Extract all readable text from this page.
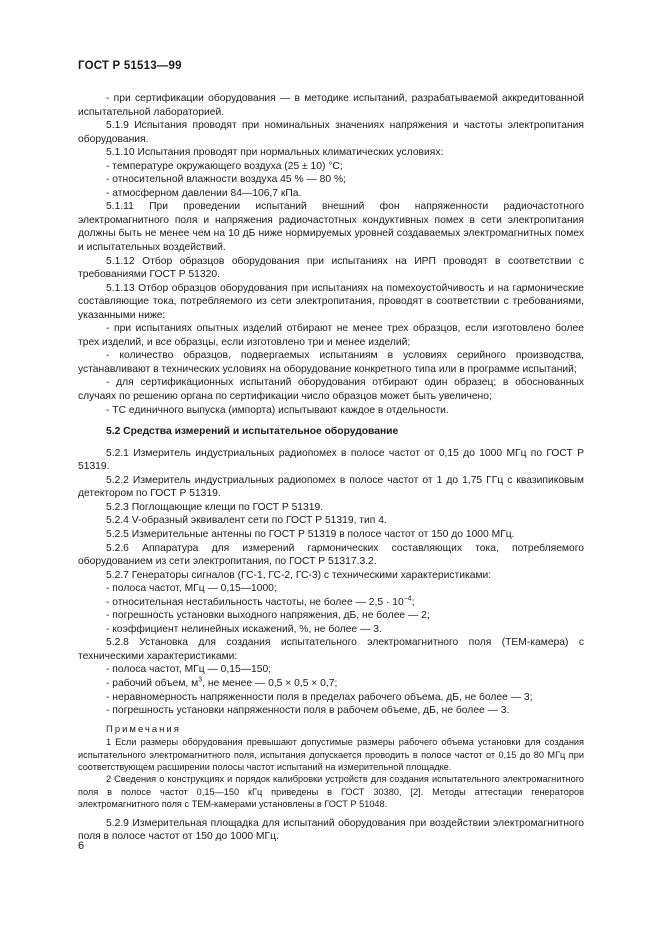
ГОСТ Р 51513—99

- при сертификации оборудования — в методике испытаний, разрабатываемой аккредитованной испытательной лабораторией.

5.1.9 Испытания проводят при номинальных значениях напряжения и частоты электропитания оборудования.

5.1.10 Испытания проводят при нормальных климатических условиях:

- температуре окружающего воздуха (25 ± 10) °С;

- относительной влажности воздуха 45 % — 80 %;

- атмосферном давлении 84—106,7 кПа.

5.1.11 При проведении испытаний внешний фон напряженности радиочастотного электромагнитного поля и напряжения радиочастотных кондуктивных помех в сети электропитания должны быть не менее чем на 10 дБ ниже нормируемых уровней создаваемых электромагнитных помех и испытательных воздействий.

5.1.12 Отбор образцов оборудования при испытаниях на ИРП проводят в соответствии с требованиями ГОСТ Р 51320.

5.1.13 Отбор образцов оборудования при испытаниях на помехоустойчивость и на гармонические составляющие тока, потребляемого из сети электропитания, проводят в соответствии с требованиями, указанными ниже:

- при испытаниях опытных изделий отбирают не менее трех образцов, если изготовлено более трех изделий, и все образцы, если изготовлено три и менее изделий;

- количество образцов, подвергаемых испытаниям в условиях серийного производства, устанавливают в технических условиях на оборудование конкретного типа или в программе испытаний;

- для сертификационных испытаний оборудования отбирают один образец; в обоснованных случаях по решению органа по сертификации число образцов может быть увеличено;

- ТС единичного выпуска (импорта) испытывают каждое в отдельности.

5.2 Средства измерений и испытательное оборудование

5.2.1 Измеритель индустриальных радиопомех в полосе частот от 0,15 до 1000 МГц по ГОСТ Р 51319.

5.2.2 Измеритель индустриальных радиопомех в полосе частот от 1 до 1,75 ГГц с квазипиковым детектором по ГОСТ Р 51319.

5.2.3 Поглощающие клещи по ГОСТ Р 51319.

5.2.4 V-образный эквивалент сети по ГОСТ Р 51319, тип 4.

5.2.5 Измерительные антенны по ГОСТ Р 51319 в полосе частот от 150 до 1000 МГц.

5.2.6 Аппаратура для измерений гармонических составляющих тока, потребляемого оборудованием из сети электропитания, по ГОСТ Р 51317.3.2.

5.2.7 Генераторы сигналов (ГС-1, ГС-2, ГС-3) с техническими характеристиками:

- полоса частот, МГц — 0,15—1000;

- относительная нестабильность частоты, не более — $2,5 \cdot 10^{-4}$;

- погрешность установки выходного напряжения, дБ, не более — 2;

- коэффициент нелинейных искажений, %, не более — 3.

5.2.8 Установка для создания испытательного электромагнитного поля (ТЕМ-камера) с техническими характеристиками:

- полоса частот, МГц — 0,15—150;

- рабочий объем, $м^3$, не менее — 0,5 × 0,5 × 0,7;

- неравномерность напряженности поля в пределах рабочего объема, дБ, не более — 3;

- погрешность установки напряженности поля в рабочем объеме, дБ, не более — 3.

Примечания

1 Если размеры оборудования превышают допустимые размеры рабочего объема установки для создания испытательного электромагнитного поля, испытания допускается проводить в полосе частот от 0,15 до 80 МГц при соответствующем расширении полосы частот испытаний на измерительной площадке.

2 Сведения о конструкциях и порядок калибровки устройств для создания испытательного электромагнитного поля в полосе частот 0,15—150 кГц приведены в ГОСТ 30380, [2]. Методы аттестации генераторов электромагнитного поля с ТЕМ-камерами установлены в ГОСТ Р 51048.

5.2.9 Измерительная площадка для испытаний оборудования при воздействии электромагнитного поля в полосе частот от 150 до 1000 МГц.

6
